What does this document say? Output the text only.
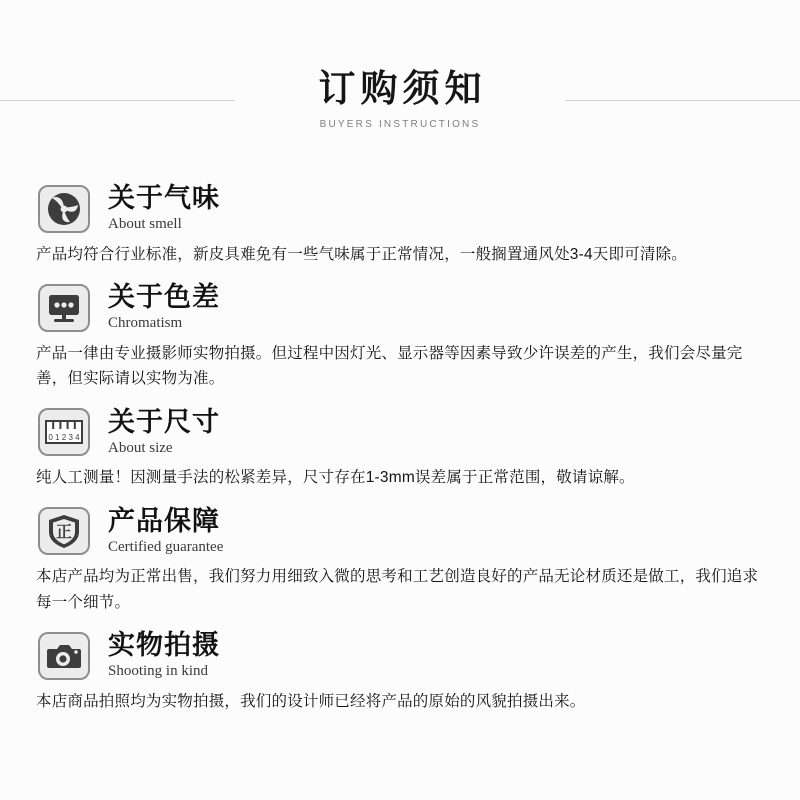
订购须知
BUYERS INSTRUCTIONS
关于气味
About smell
产品均符合行业标准，新皮具难免有一些气味属于正常情况，一般搁置通风处3-4天即可清除。
关于色差
Chromatism
产品一律由专业摄影师实物拍摄。但过程中因灯光、显示器等因素导致少许误差的产生，我们会尽量完善，但实际请以实物为准。
0 1 2 3 4
关于尺寸
About size
纯人工测量！因测量手法的松紧差异，尺寸存在1-3mm误差属于正常范围，敬请谅解。
正 产品保障
Certified guarantee
本店产品均为正常出售，我们努力用细致入微的思考和工艺创造良好的产品无论材质还是做工，我们追求每一个细节。
实物拍摄
Shooting in kind
本店商品拍照均为实物拍摄，我们的设计师已经将产品的原始的风貌拍摄出来。
